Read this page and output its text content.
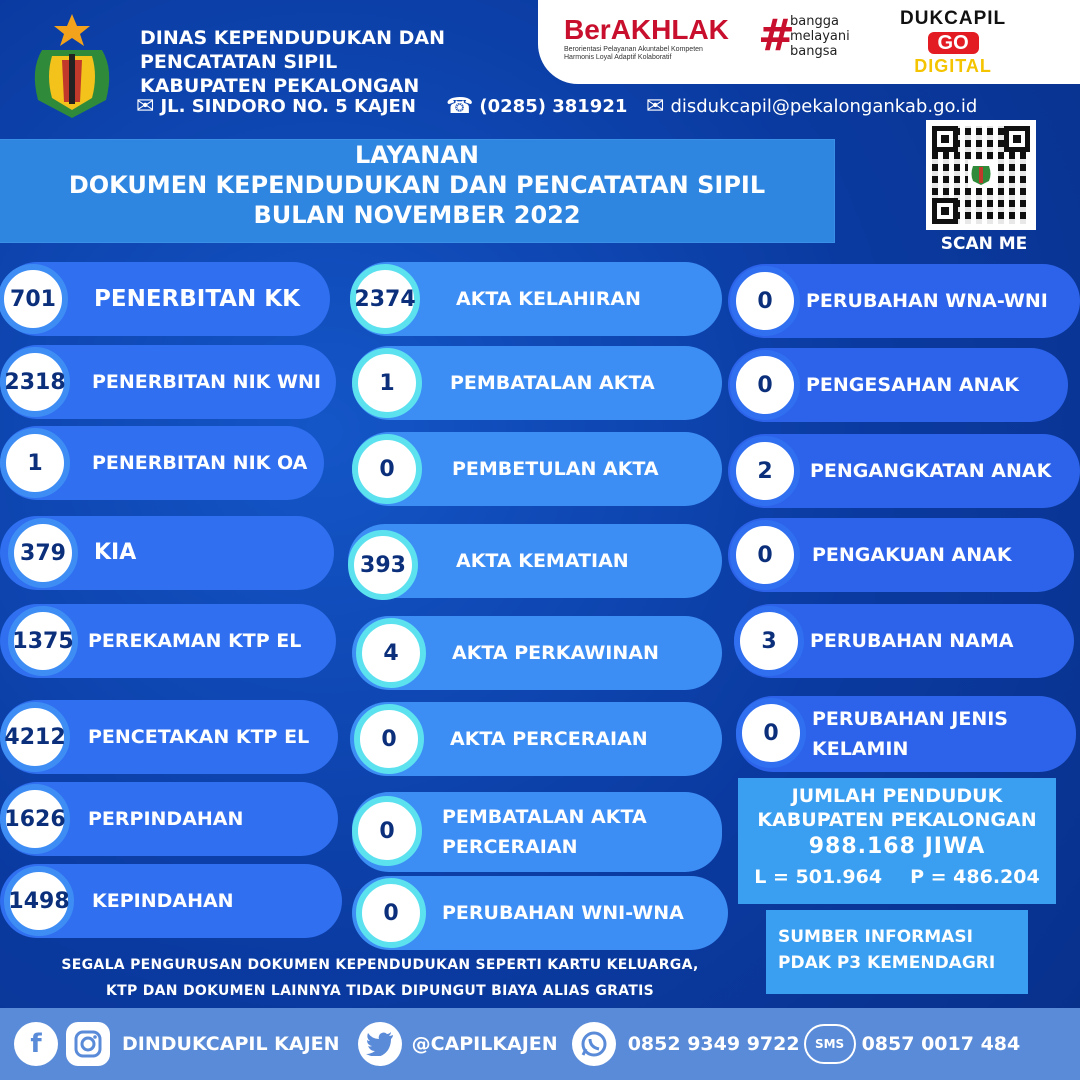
DINAS KEPENDUDUKAN DAN
PENCATATAN SIPIL
KABUPATEN PEKALONGAN
✉ JL. SINDORO NO. 5 KAJEN ☎ (0285) 381921 ✉ disdukcapil@pekalongankab.go.id
BerAKHLAK
Berorientasi Pelayanan Akuntabel Kompeten
Harmonis Loyal Adaptif Kolaboratif	#
bangga
melayani
bangsa
DUKCAPIL
GO
DIGITAL
LAYANAN
DOKUMEN KEPENDUDUKAN DAN PENCATATAN SIPIL
BULAN NOVEMBER 2022
SCAN ME
701	PENERBITAN KK
2318 PENERBITAN NIK WNI
1	PENERBITAN NIK OA
379	KIA
1375 PEREKAMAN KTP EL
4212 PENCETAKAN KTP EL
1626 PERPINDAHAN
1498 KEPINDAHAN
2374 AKTA KELAHIRAN
1	PEMBATALAN AKTA
0	PEMBETULAN AKTA
393	AKTA KEMATIAN
4	AKTA PERKAWINAN
0	AKTA PERCERAIAN
0
PEMBATALAN AKTA
PERCERAIAN
0	PERUBAHAN WNI-WNA
0	PERUBAHAN WNA-WNI
0	PENGESAHAN ANAK
2	PENGANGKATAN ANAK
0	PENGAKUAN ANAK
3	PERUBAHAN NAMA
0
PERUBAHAN JENIS
KELAMIN
JUMLAH PENDUDUK
KABUPATEN PEKALONGAN
988.168 JIWA
L = 501.964 P = 486.204
SUMBER INFORMASI
PDAK P3 KEMENDAGRI
SEGALA PENGURUSAN DOKUMEN KEPENDUDUKAN SEPERTI KARTU KELUARGA,
KTP DAN DOKUMEN LAINNYA TIDAK DIPUNGUT BIAYA ALIAS GRATIS
f	DINDUKCAPIL KAJEN	@CAPILKAJEN	0852 9349 9722	SMS 0857 0017 484
